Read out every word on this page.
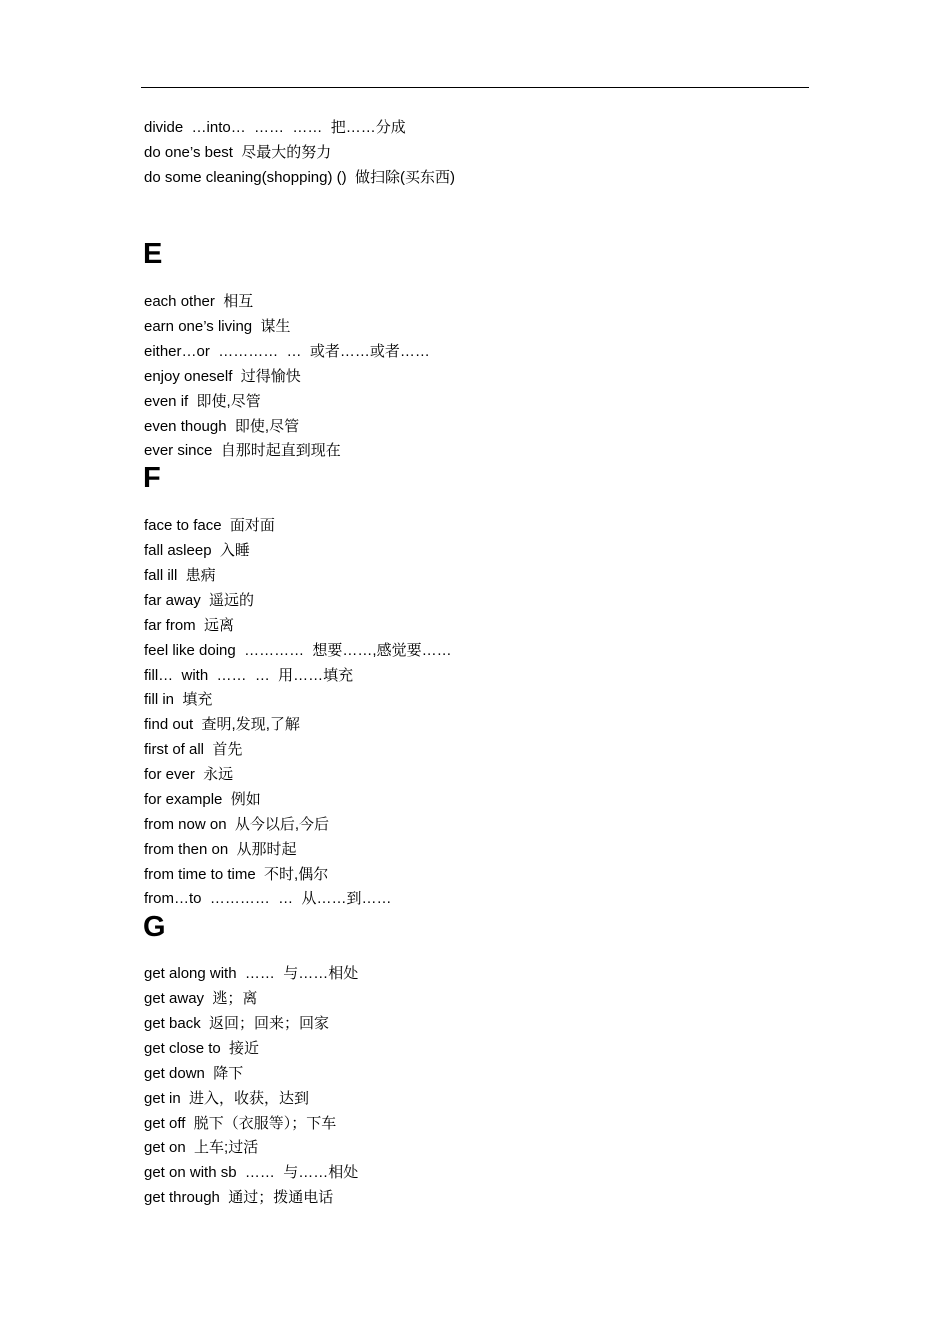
divide  …into…  ……  ……  把……分成
do one’s best  尽最大的努力
do some cleaning(shopping) ()  做扫除(买东西)
E
each other  相互
earn one’s living  谋生
either…or  …………  …  或者……或者……
enjoy oneself  过得愉快
even if  即使,尽管
even though  即使,尽管
ever since  自那时起直到现在
F
face to face  面对面
fall asleep  入睡
fall ill  患病
far away  遥远的
far from  远离
feel like doing  …………  想要……,感觉要……
fill…  with  ……  …  用……填充
fill in  填充
find out  查明,发现,了解
first of all  首先
for ever  永远
for example  例如
from now on  从今以后,今后
from then on  从那时起
from time to time  不时,偶尔
from…to  …………  …  从……到……
G
get along with  ……  与……相处
get away  逃；离
get back  返回；回来；回家
get close to  接近
get down  降下
get in  进入，收获，达到
get off  脱下（衣服等）；下车
get on  上车;过活
get on with sb  ……  与……相处
get through  通过；拨通电话
